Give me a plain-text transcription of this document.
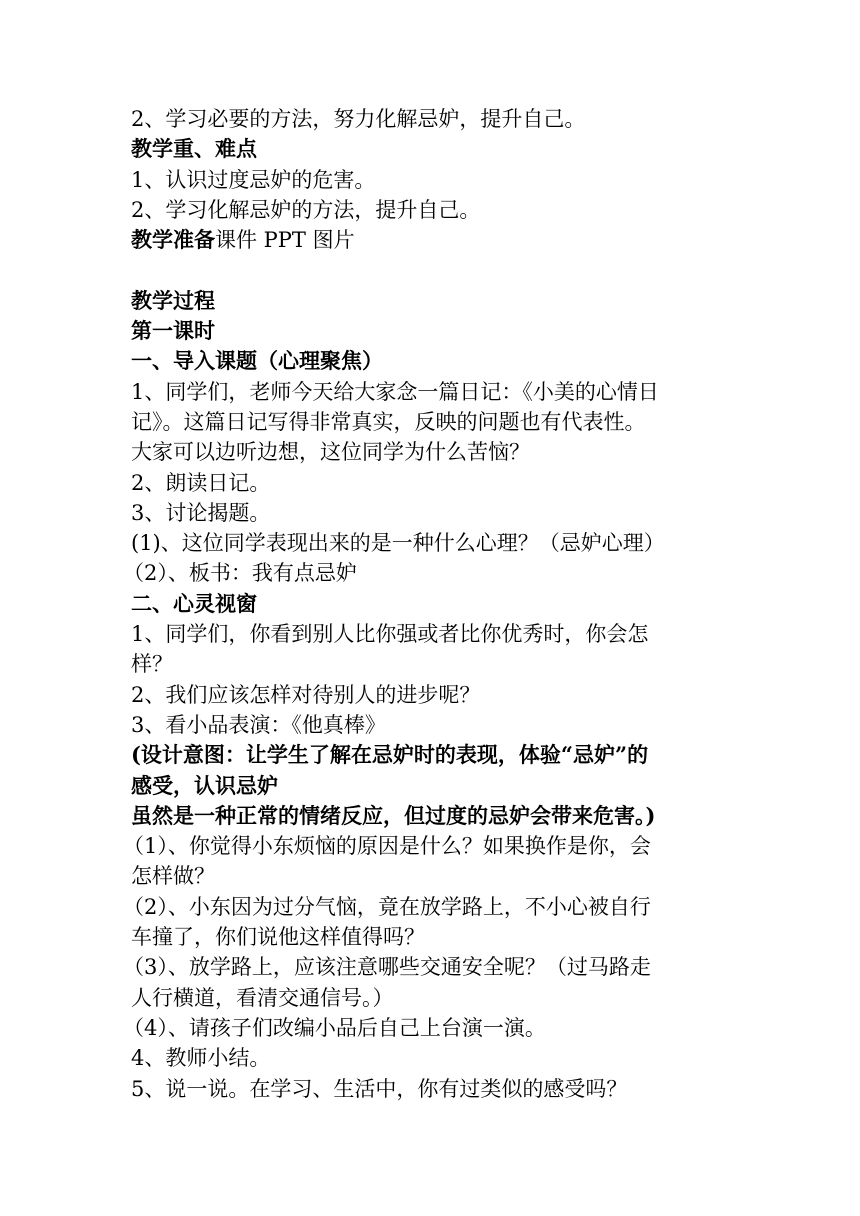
2、学习必要的方法，努力化解忌妒，提升自己。

教学重、难点

1、认识过度忌妒的危害。

2、学习化解忌妒的方法，提升自己。

教学准备课件 PPT 图片

教学过程

第一课时

一、导入课题（心理聚焦）

1、同学们，老师今天给大家念一篇日记：《小美的心情日

记》。这篇日记写得非常真实，反映的问题也有代表性。

大家可以边听边想，这位同学为什么苦恼？

2、朗读日记。

3、讨论揭题。

(1)、这位同学表现出来的是一种什么心理？（忌妒心理）

（2）、板书：我有点忌妒

二、心灵视窗

1、同学们，你看到别人比你强或者比你优秀时，你会怎

样？

2、我们应该怎样对待别人的进步呢？

3、看小品表演：《他真棒》

(设计意图：让学生了解在忌妒时的表现，体验“忌妒”的

感受，认识忌妒

虽然是一种正常的情绪反应，但过度的忌妒会带来危害。)

（1）、你觉得小东烦恼的原因是什么？如果换作是你，会

怎样做？

（2）、小东因为过分气恼，竟在放学路上，不小心被自行

车撞了，你们说他这样值得吗？

（3）、放学路上，应该注意哪些交通安全呢？（过马路走

人行横道，看清交通信号。）

（4）、请孩子们改编小品后自己上台演一演。

4、教师小结。

5、说一说。在学习、生活中，你有过类似的感受吗？
